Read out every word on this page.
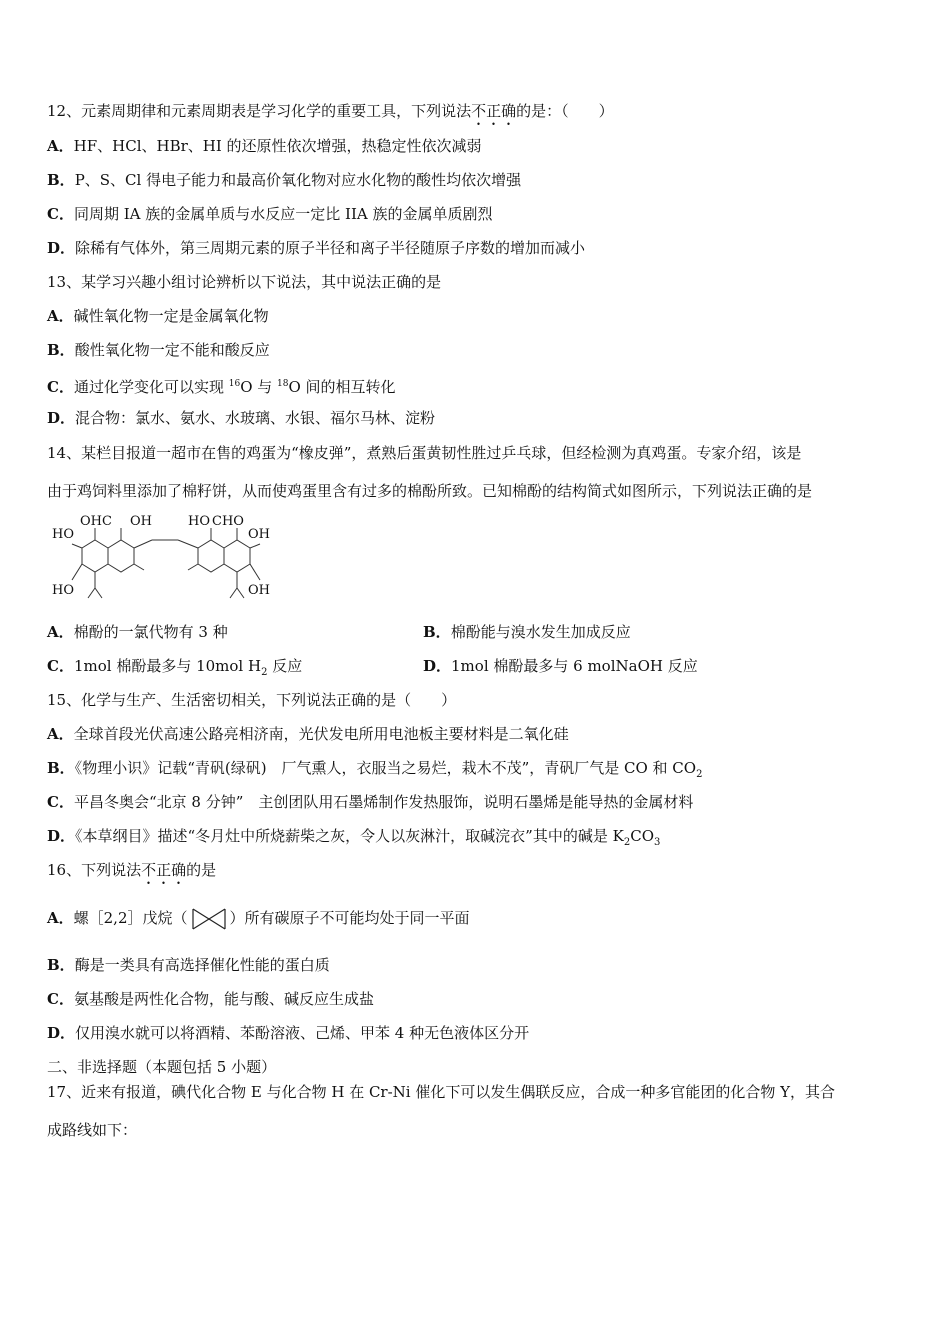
12、元素周期律和元素周期表是学习化学的重要工具，下列说法不正确的是：（　　）
A．HF、HCl、HBr、HI 的还原性依次增强，热稳定性依次减弱
B．P、S、Cl 得电子能力和最高价氧化物对应水化物的酸性均依次增强
C．同周期 IA 族的金属单质与水反应一定比 IIA 族的金属单质剧烈
D．除稀有气体外，第三周期元素的原子半径和离子半径随原子序数的增加而减小
13、某学习兴趣小组讨论辨析以下说法，其中说法正确的是
A．碱性氧化物一定是金属氧化物
B．酸性氧化物一定不能和酸反应
C．通过化学变化可以实现 $^{16}$O 与 $^{18}$O 间的相互转化
D．混合物：氯水、氨水、水玻璃、水银、福尔马林、淀粉
14、某栏目报道一超市在售的鸡蛋为“橡皮弹”，煮熟后蛋黄韧性胜过乒乓球，但经检测为真鸡蛋。专家介绍，该是
由于鸡饲料里添加了棉籽饼，从而使鸡蛋里含有过多的棉酚所致。已知棉酚的结构简式如图所示，下列说法正确的是
OHC OH	HO CHO
HO	OH
HO	OH
A．棉酚的一氯代物有 3 种	B．棉酚能与溴水发生加成反应
C．1mol 棉酚最多与 10mol $H_2$ 反应	D．1mol 棉酚最多与 6 molNaOH 反应
15、化学与生产、生活密切相关，下列说法正确的是（　　）
A．全球首段光伏高速公路亮相济南，光伏发电所用电池板主要材料是二氧化硅
B．《物理小识》记载“青矾(绿矾)　厂气熏人，衣服当之易烂，栽木不茂”，青矾厂气是 CO 和 $CO_2$
C．平昌冬奥会“北京 8 分钟”　主创团队用石墨烯制作发热服饰，说明石墨烯是能导热的金属材料
D．《本草纲目》描述“冬月灶中所烧薪柴之灰，令人以灰淋汁，取碱浣衣”其中的碱是 $K_2CO_3$
16、下列说法不正确的是
A．螺［2,2］戊烷（	）所有碳原子不可能均处于同一平面
B．酶是一类具有高选择催化性能的蛋白质
C．氨基酸是两性化合物，能与酸、碱反应生成盐
D．仅用溴水就可以将酒精、苯酚溶液、己烯、甲苯 4 种无色液体区分开
二、非选择题（本题包括 5 小题）
17、近来有报道，碘代化合物 E 与化合物 H 在 Cr-Ni 催化下可以发生偶联反应，合成一种多官能团的化合物 Y，其合
成路线如下：
